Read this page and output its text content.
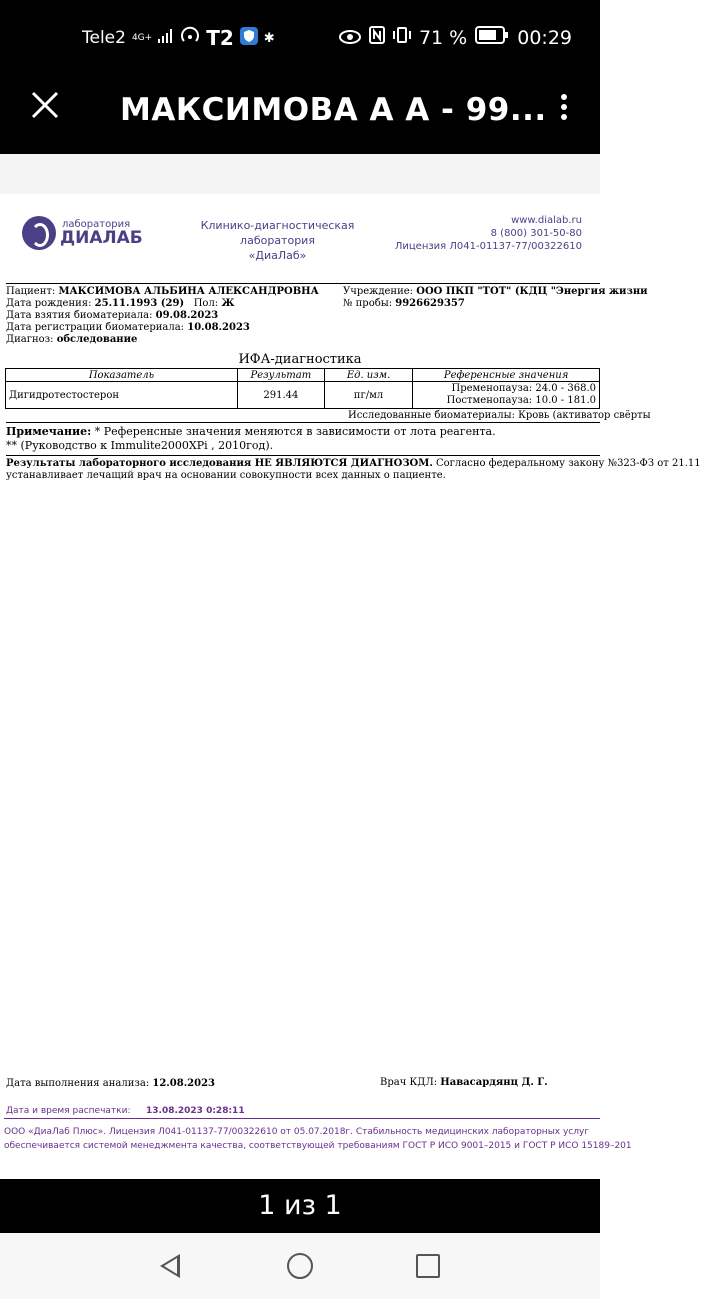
Tele2 4G+	T2 ✱	71 %	00:29
МАКСИМОВА А А - 99...
лаборатория
ДИАЛАБ
Клинико-диагностическая лаборатория
«ДиаЛаб»
www.dialab.ru
8 (800) 301-50-80
Лицензия Л041-01137-77/00322610
Пациент: МАКСИМОВА АЛЬБИНА АЛЕКСАНДРОВНА
Дата рождения: 25.11.1993 (29) Пол: Ж
Дата взятия биоматериала: 09.08.2023
Дата регистрации биоматериала: 10.08.2023
Диагноз: обследование
Учреждение: ООО ПКП "ТОТ" (КДЦ "Энергия жизни
№ пробы: 9926629357
ИФА-диагностика
Показатель	Результат	Ед. изм.	Референсные значения
Дигидротестостерон	291.44	пг/мл	Пременопауза: 24.0 - 368.0
Постменопауза: 10.0 - 181.0
Исследованные биоматериалы: Кровь (активатор свёрты
Примечание: * Референсные значения меняются в зависимости от лота реагента.
** (Руководство к Immulite2000XPi , 2010год).
Результаты лабораторного исследования НЕ ЯВЛЯЮТСЯ ДИАГНОЗОМ. Согласно федеральному закону №323-ФЗ от 21.11
устанавливает лечащий врач на основании совокупности всех данных о пациенте.
Дата выполнения анализа: 12.08.2023	Врач КДЛ: Навасардянц Д. Г.
Дата и время распечатки: 13.08.2023 0:28:11
ООО «ДиаЛаб Плюс». Лицензия Л041-01137-77/00322610 от 05.07.2018г. Стабильность медицинских лабораторных услуг
обеспечивается системой менеджмента качества, соответствующей требованиям ГОСТ Р ИСО 9001–2015 и ГОСТ Р ИСО 15189–201
1 из 1
